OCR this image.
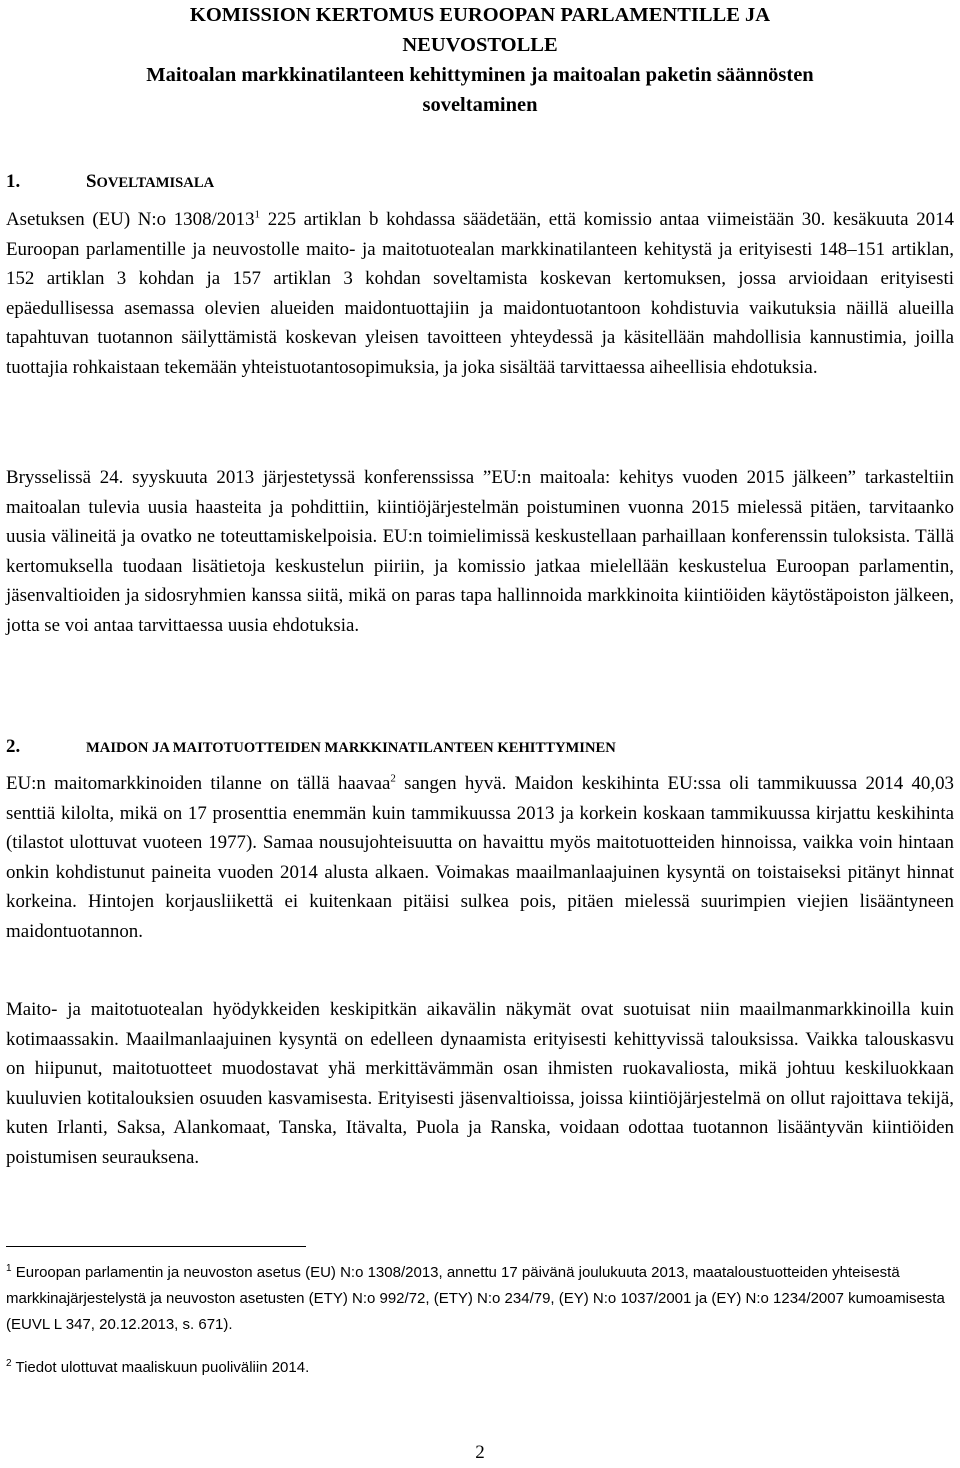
KOMISSION KERTOMUS EUROOPAN PARLAMENTILLE JA
NEUVOSTOLLE
Maitoalan markkinatilanteen kehittyminen ja maitoalan paketin säännösten
soveltaminen
1.	SOVELTAMISALA

Asetuksen (EU) N:o 1308/2013$^1$ 225 artiklan b kohdassa säädetään, että komissio antaa viimeistään 30. kesäkuuta 2014 Euroopan parlamentille ja neuvostolle maito- ja maitotuotealan markkinatilanteen kehitystä ja erityisesti 148–151 artiklan, 152 artiklan 3 kohdan ja 157 artiklan 3 kohdan soveltamista koskevan kertomuksen, jossa arvioidaan erityisesti epäedullisessa asemassa olevien alueiden maidontuottajiin ja maidontuotantoon kohdistuvia vaikutuksia näillä alueilla tapahtuvan tuotannon säilyttämistä koskevan yleisen tavoitteen yhteydessä ja käsitellään mahdollisia kannustimia, joilla tuottajia rohkaistaan tekemään yhteistuotantosopimuksia, ja joka sisältää tarvittaessa aiheellisia ehdotuksia.

Brysselissä 24. syyskuuta 2013 järjestetyssä konferenssissa ”EU:n maitoala: kehitys vuoden 2015 jälkeen” tarkasteltiin maitoalan tulevia uusia haasteita ja pohdittiin, kiintiöjärjestelmän poistuminen vuonna 2015 mielessä pitäen, tarvitaanko uusia välineitä ja ovatko ne toteuttamiskelpoisia. EU:n toimielimissä keskustellaan parhaillaan konferenssin tuloksista. Tällä kertomuksella tuodaan lisätietoja keskustelun piiriin, ja komissio jatkaa mielellään keskustelua Euroopan parlamentin, jäsenvaltioiden ja sidosryhmien kanssa siitä, mikä on paras tapa hallinnoida markkinoita kiintiöiden käytöstäpoiston jälkeen, jotta se voi antaa tarvittaessa uusia ehdotuksia.

2.	MAIDON JA MAITOTUOTTEIDEN MARKKINATILANTEEN KEHITTYMINEN

EU:n maitomarkkinoiden tilanne on tällä haavaa$^2$ sangen hyvä. Maidon keskihinta EU:ssa oli tammikuussa 2014 40,03 senttiä kilolta, mikä on 17 prosenttia enemmän kuin tammikuussa 2013 ja korkein koskaan tammikuussa kirjattu keskihinta (tilastot ulottuvat vuoteen 1977). Samaa nousujohteisuutta on havaittu myös maitotuotteiden hinnoissa, vaikka voin hintaan onkin kohdistunut paineita vuoden 2014 alusta alkaen. Voimakas maailmanlaajuinen kysyntä on toistaiseksi pitänyt hinnat korkeina. Hintojen korjausliikettä ei kuitenkaan pitäisi sulkea pois, pitäen mielessä suurimpien viejien lisääntyneen maidontuotannon.

Maito- ja maitotuotealan hyödykkeiden keskipitkän aikavälin näkymät ovat suotuisat niin maailmanmarkkinoilla kuin kotimaassakin. Maailmanlaajuinen kysyntä on edelleen dynaamista erityisesti kehittyvissä talouksissa. Vaikka talouskasvu on hiipunut, maitotuotteet muodostavat yhä merkittävämmän osan ihmisten ruokavaliosta, mikä johtuu keskiluokkaan kuuluvien kotitalouksien osuuden kasvamisesta. Erityisesti jäsenvaltioissa, joissa kiintiöjärjestelmä on ollut rajoittava tekijä, kuten Irlanti, Saksa, Alankomaat, Tanska, Itävalta, Puola ja Ranska, voidaan odottaa tuotannon lisääntyvän kiintiöiden poistumisen seurauksena.

$^1$ Euroopan parlamentin ja neuvoston asetus (EU) N:o 1308/2013, annettu 17 päivänä joulukuuta 2013, maataloustuotteiden yhteisestä markkinajärjestelystä ja neuvoston asetusten (ETY) N:o 992/72, (ETY) N:o 234/79, (EY) N:o 1037/2001 ja (EY) N:o 1234/2007 kumoamisesta (EUVL L 347, 20.12.2013, s. 671).

$^2$ Tiedot ulottuvat maaliskuun puoliväliin 2014.

2
